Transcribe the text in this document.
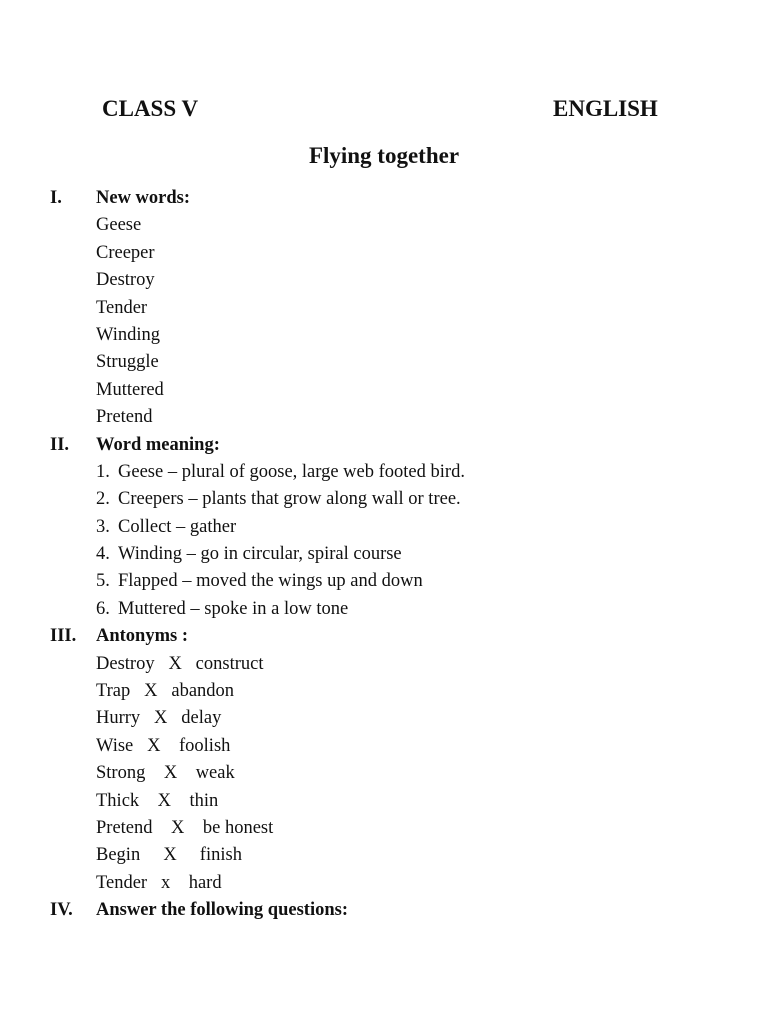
CLASS V	ENGLISH
Flying together
I. New words:
Geese
Creeper
Destroy
Tender
Winding
Struggle
Muttered
Pretend
II. Word meaning:
1. Geese – plural of goose, large web footed bird.
2. Creepers – plants that grow along wall or tree.
3. Collect – gather
4. Winding – go in circular, spiral course
5. Flapped – moved the wings up and down
6. Muttered – spoke in a low tone
III. Antonyms :
Destroy   X   construct
Trap   X   abandon
Hurry   X   delay
Wise   X    foolish
Strong    X    weak
Thick    X    thin
Pretend    X    be honest
Begin     X     finish
Tender   x    hard
IV. Answer the following questions:
